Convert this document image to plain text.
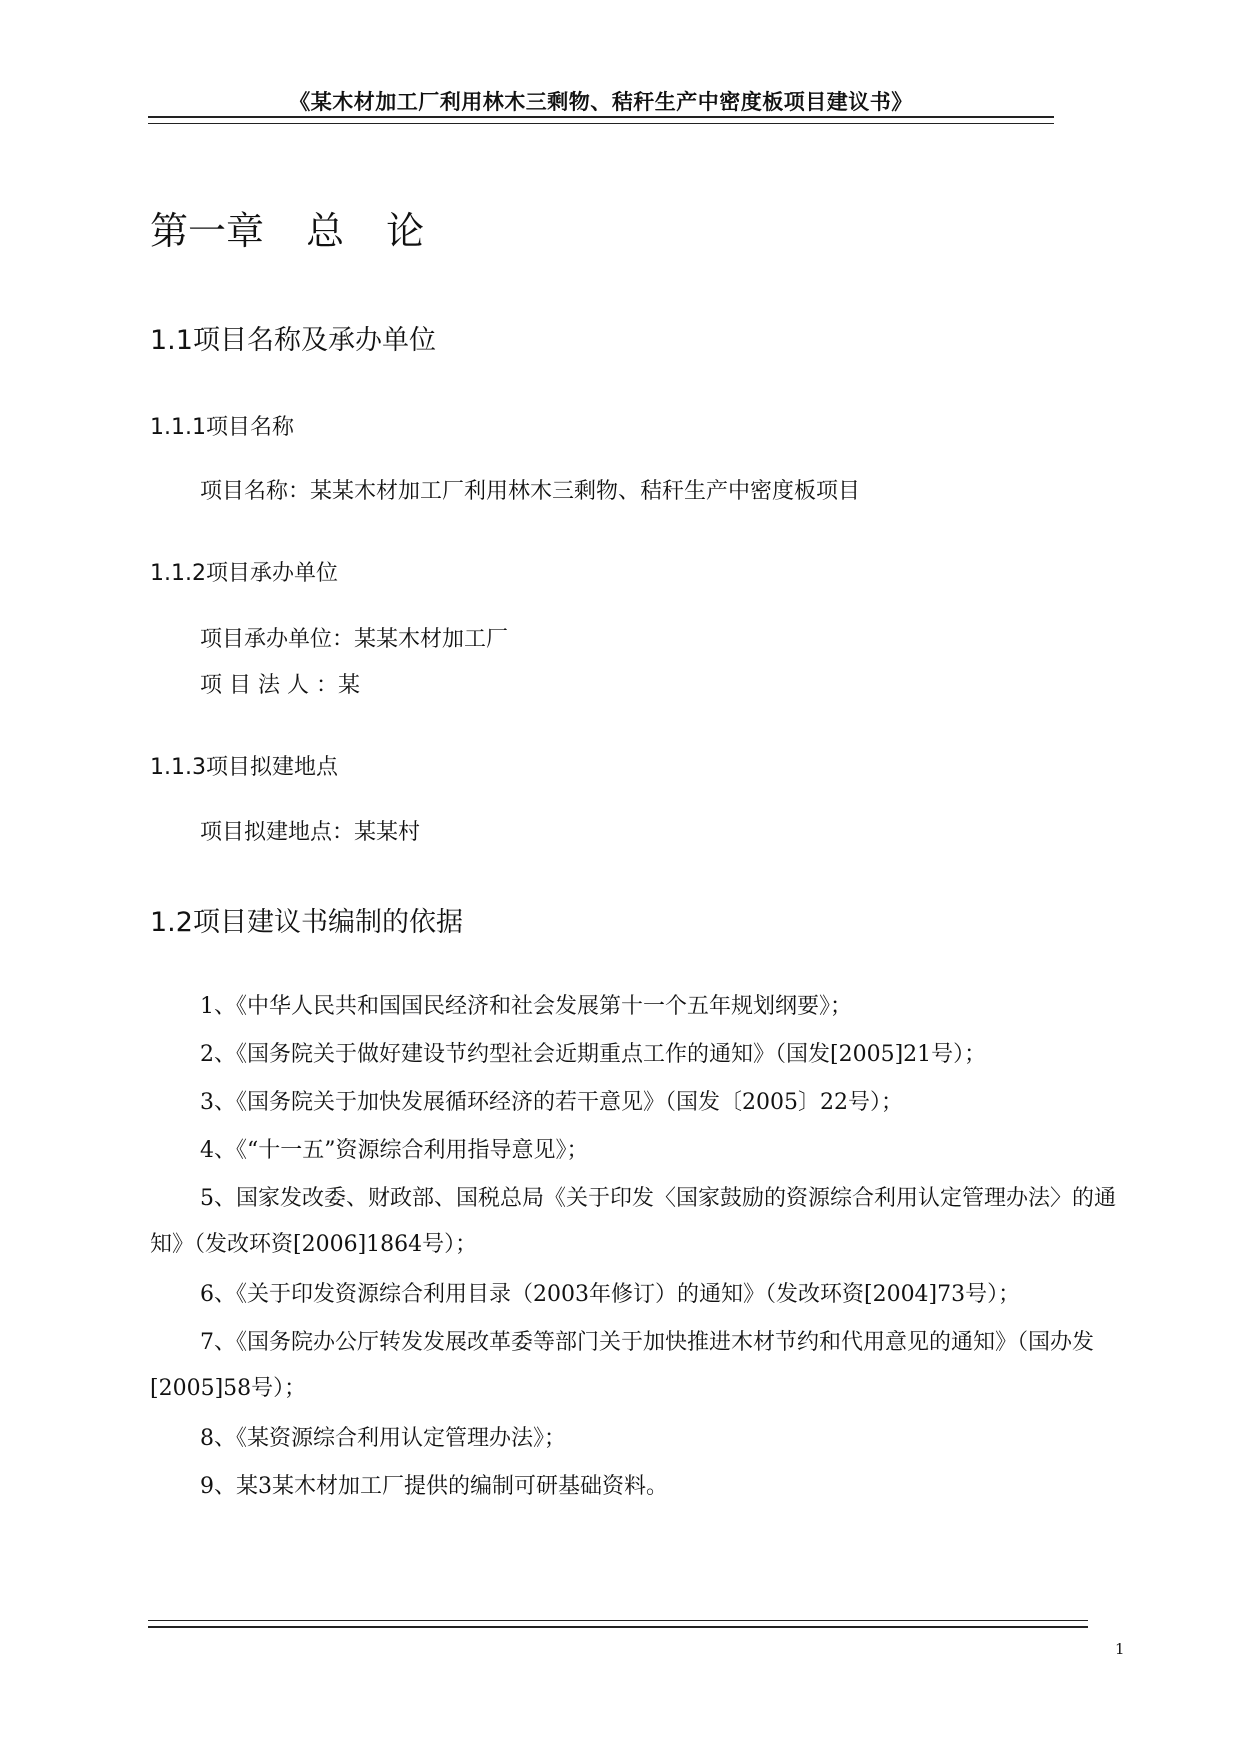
《某木材加工厂利用林木三剩物、秸秆生产中密度板项目建议书》
第一章 总 论
1.1项目名称及承办单位
1.1.1项目名称
项目名称：某某木材加工厂利用林木三剩物、秸秆生产中密度板项目
1.1.2项目承办单位
项目承办单位：某某木材加工厂
项 目 法 人 ：某
1.1.3项目拟建地点
项目拟建地点：某某村
1.2项目建议书编制的依据
1、《中华人民共和国国民经济和社会发展第十一个五年规划纲要》；
2、《国务院关于做好建设节约型社会近期重点工作的通知》（国发[2005]21号）；
3、《国务院关于加快发展循环经济的若干意见》（国发〔2005〕22号）；
4、《“十一五”资源综合利用指导意见》；
5、国家发改委、财政部、国税总局《关于印发〈国家鼓励的资源综合利用认定管理办法〉的通知》（发改环资[2006]1864号）；
6、《关于印发资源综合利用目录（2003年修订）的通知》（发改环资[2004]73号）；
7、《国务院办公厅转发发展改革委等部门关于加快推进木材节约和代用意见的通知》（国办发[2005]58号）；
8、《某资源综合利用认定管理办法》；
9、某3某木材加工厂提供的编制可研基础资料。
1
